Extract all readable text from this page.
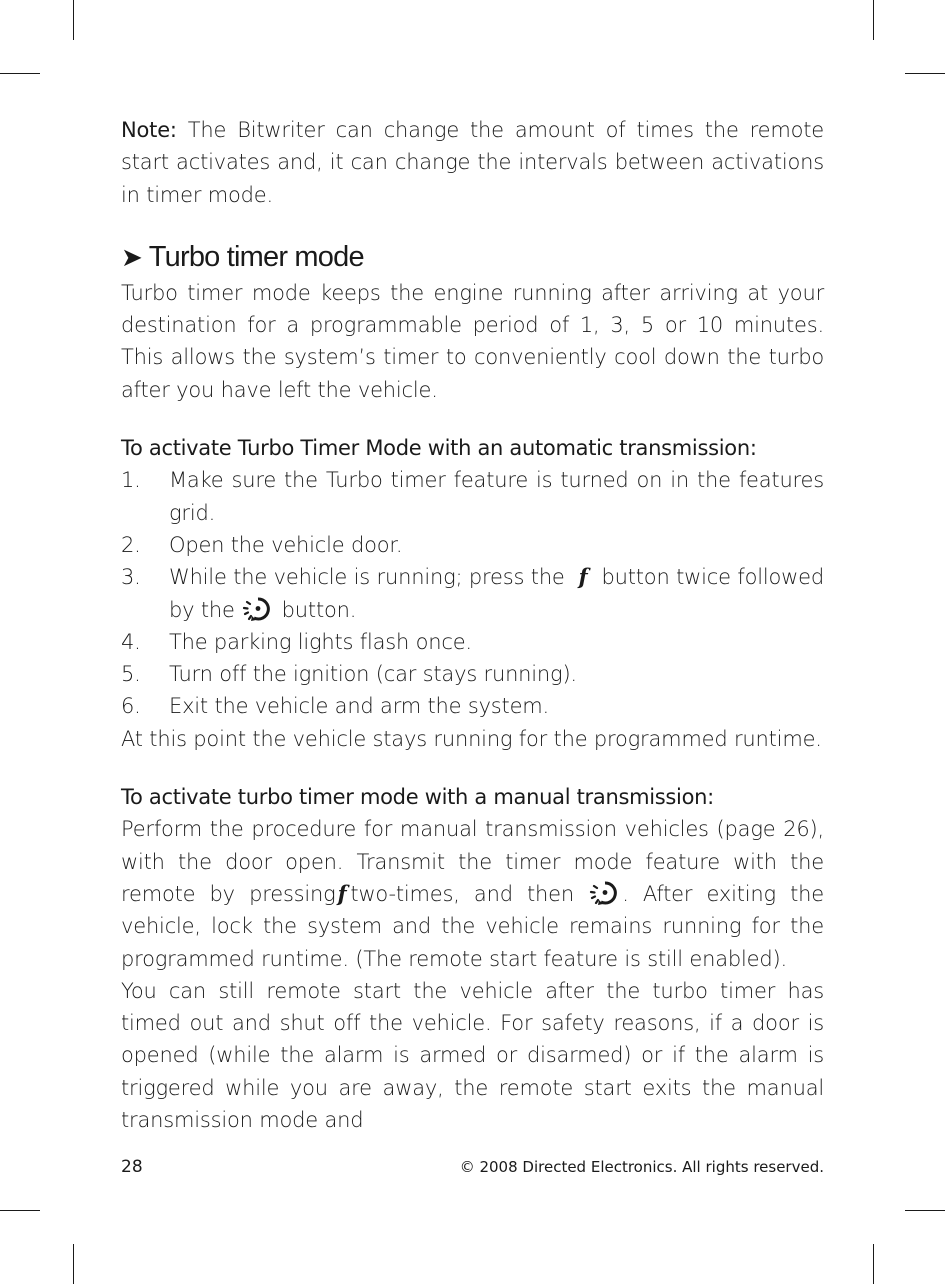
Note: The Bitwriter can change the amount of times the remote start activates and, it can change the intervals between activations in timer mode.

➤ Turbo timer mode

Turbo timer mode keeps the engine running after arriving at your destination for a programmable period of 1, 3, 5 or 10 minutes. This allows the system’s timer to conveniently cool down the turbo after you have left the vehicle.

To activate Turbo Timer Mode with an automatic transmission:

1.	Make sure the Turbo timer feature is turned on in the features grid.
2.	Open the vehicle door.
3.	While the vehicle is running; press the f button twice followed by the button.
4.	The parking lights flash once.
5.	Turn off the ignition (car stays running).
6.	Exit the vehicle and arm the system.

At this point the vehicle stays running for the programmed runtime.

To activate turbo timer mode with a manual transmission:

Perform the procedure for manual transmission vehicles (page 26), with the door open. Transmit the timer mode feature with the remote by pressingf two-times, and then . After exiting the vehicle, lock the system and the vehicle remains running for the programmed runtime. (The remote start feature is still enabled).

You can still remote start the vehicle after the turbo timer has timed out and shut off the vehicle. For safety reasons, if a door is opened (while the alarm is armed or disarmed) or if the alarm is triggered while you are away, the remote start exits the manual transmission mode and

28	© 2008 Directed Electronics. All rights reserved.
